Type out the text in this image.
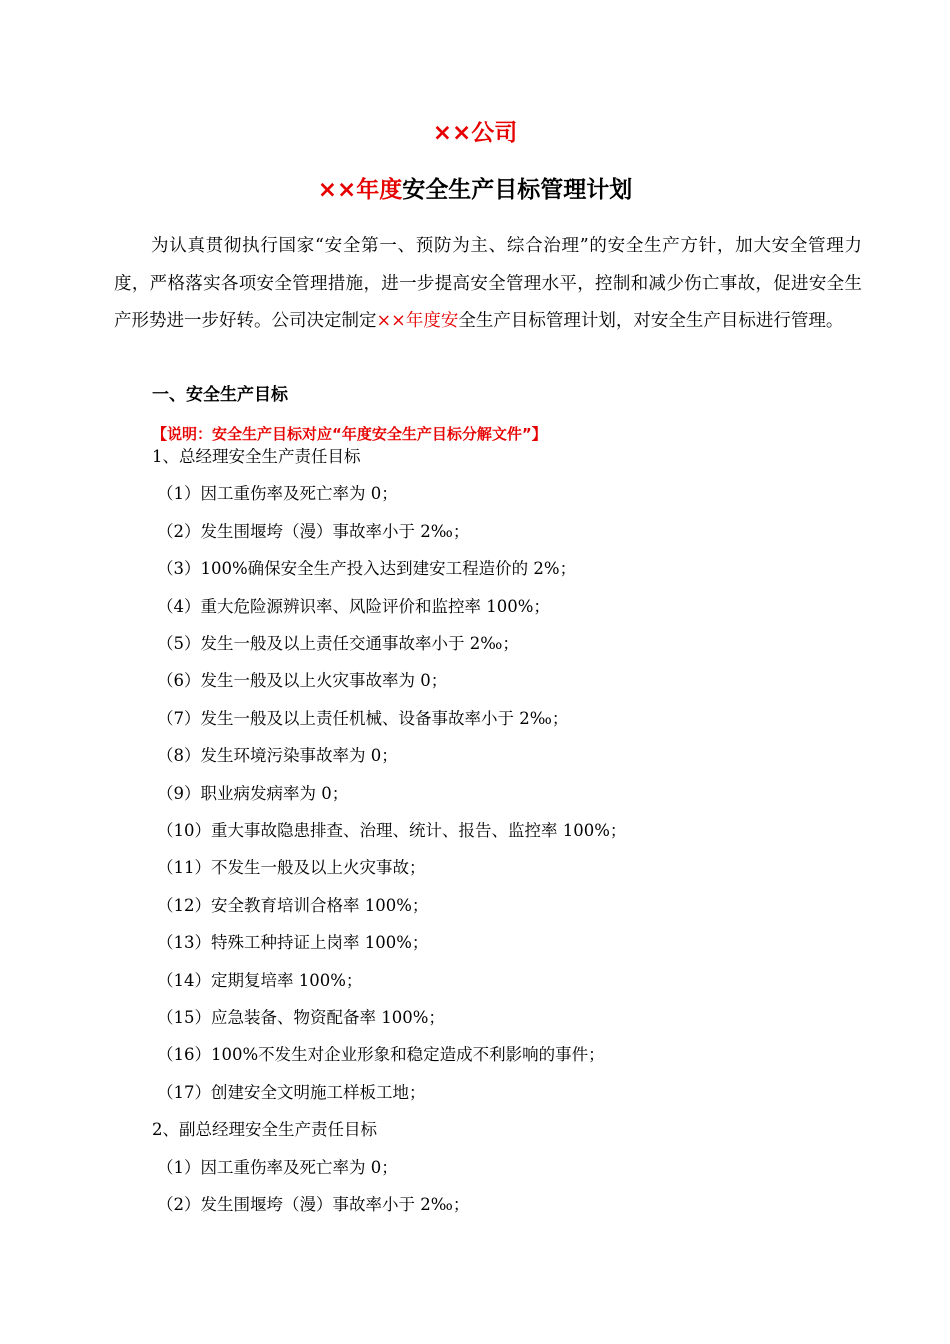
××公司
××年度安全生产目标管理计划
为认真贯彻执行国家“安全第一、预防为主、综合治理”的安全生产方针，加大安全管理力度，严格落实各项安全管理措施，进一步提高安全管理水平，控制和减少伤亡事故，促进安全生产形势进一步好转。公司决定制定××年度安全生产目标管理计划，对安全生产目标进行管理。
一、安全生产目标
【说明：安全生产目标对应“年度安全生产目标分解文件”】
1、总经理安全生产责任目标
（1）因工重伤率及死亡率为 0；
（2）发生围堰垮（漫）事故率小于 2‰；
（3）100%确保安全生产投入达到建安工程造价的 2%；
（4）重大危险源辨识率、风险评价和监控率 100%；
（5）发生一般及以上责任交通事故率小于 2‰；
（6）发生一般及以上火灾事故率为 0；
（7）发生一般及以上责任机械、设备事故率小于 2‰；
（8）发生环境污染事故率为 0；
（9）职业病发病率为 0；
（10）重大事故隐患排查、治理、统计、报告、监控率 100%；
（11）不发生一般及以上火灾事故；
（12）安全教育培训合格率 100%；
（13）特殊工种持证上岗率 100%；
（14）定期复培率 100%；
（15）应急装备、物资配备率 100%；
（16）100%不发生对企业形象和稳定造成不利影响的事件；
（17）创建安全文明施工样板工地；
2、副总经理安全生产责任目标
（1）因工重伤率及死亡率为 0；
（2）发生围堰垮（漫）事故率小于 2‰；
